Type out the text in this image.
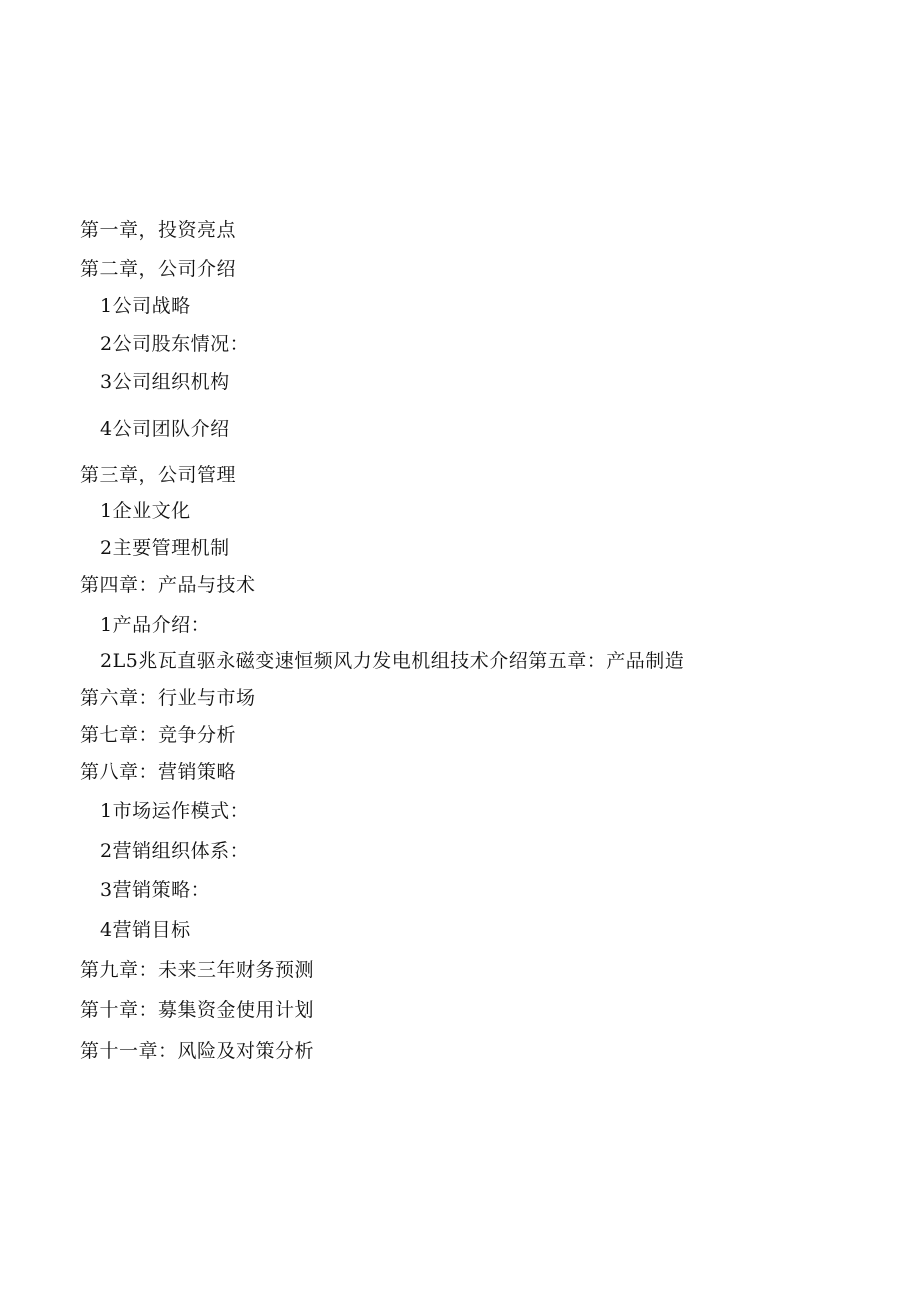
第一章，投资亮点
第二章，公司介绍
1公司战略
2公司股东情况：
3公司组织机构
4公司团队介绍
第三章，公司管理
1企业文化
2主要管理机制
第四章：产品与技术
1产品介绍：
2L5兆瓦直驱永磁变速恒频风力发电机组技术介绍第五章：产品制造
第六章：行业与市场
第七章：竞争分析
第八章：营销策略
1市场运作模式：
2营销组织体系：
3营销策略：
4营销目标
第九章：未来三年财务预测
第十章：募集资金使用计划
第十一章：风险及对策分析
